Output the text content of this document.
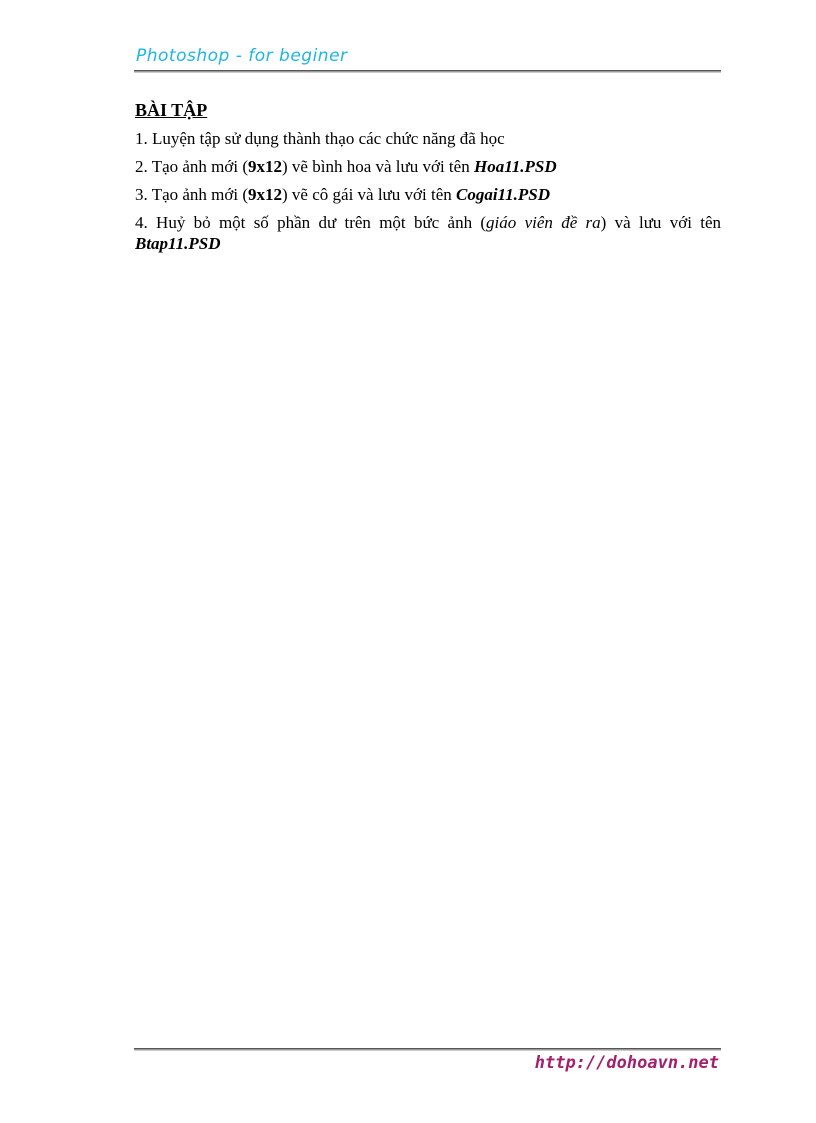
Photoshop - for beginer
BÀI TẬP
1. Luyện tập sử dụng thành thạo các chức năng đã học
2. Tạo ảnh mới (9x12) vẽ bình hoa và lưu với tên Hoa11.PSD
3. Tạo ảnh mới (9x12) vẽ cô gái và lưu với tên Cogai11.PSD
4. Huỷ bỏ một số phần dư trên một bức ảnh (giáo viên đề ra) và lưu với tên Btap11.PSD
http://dohoavn.net
